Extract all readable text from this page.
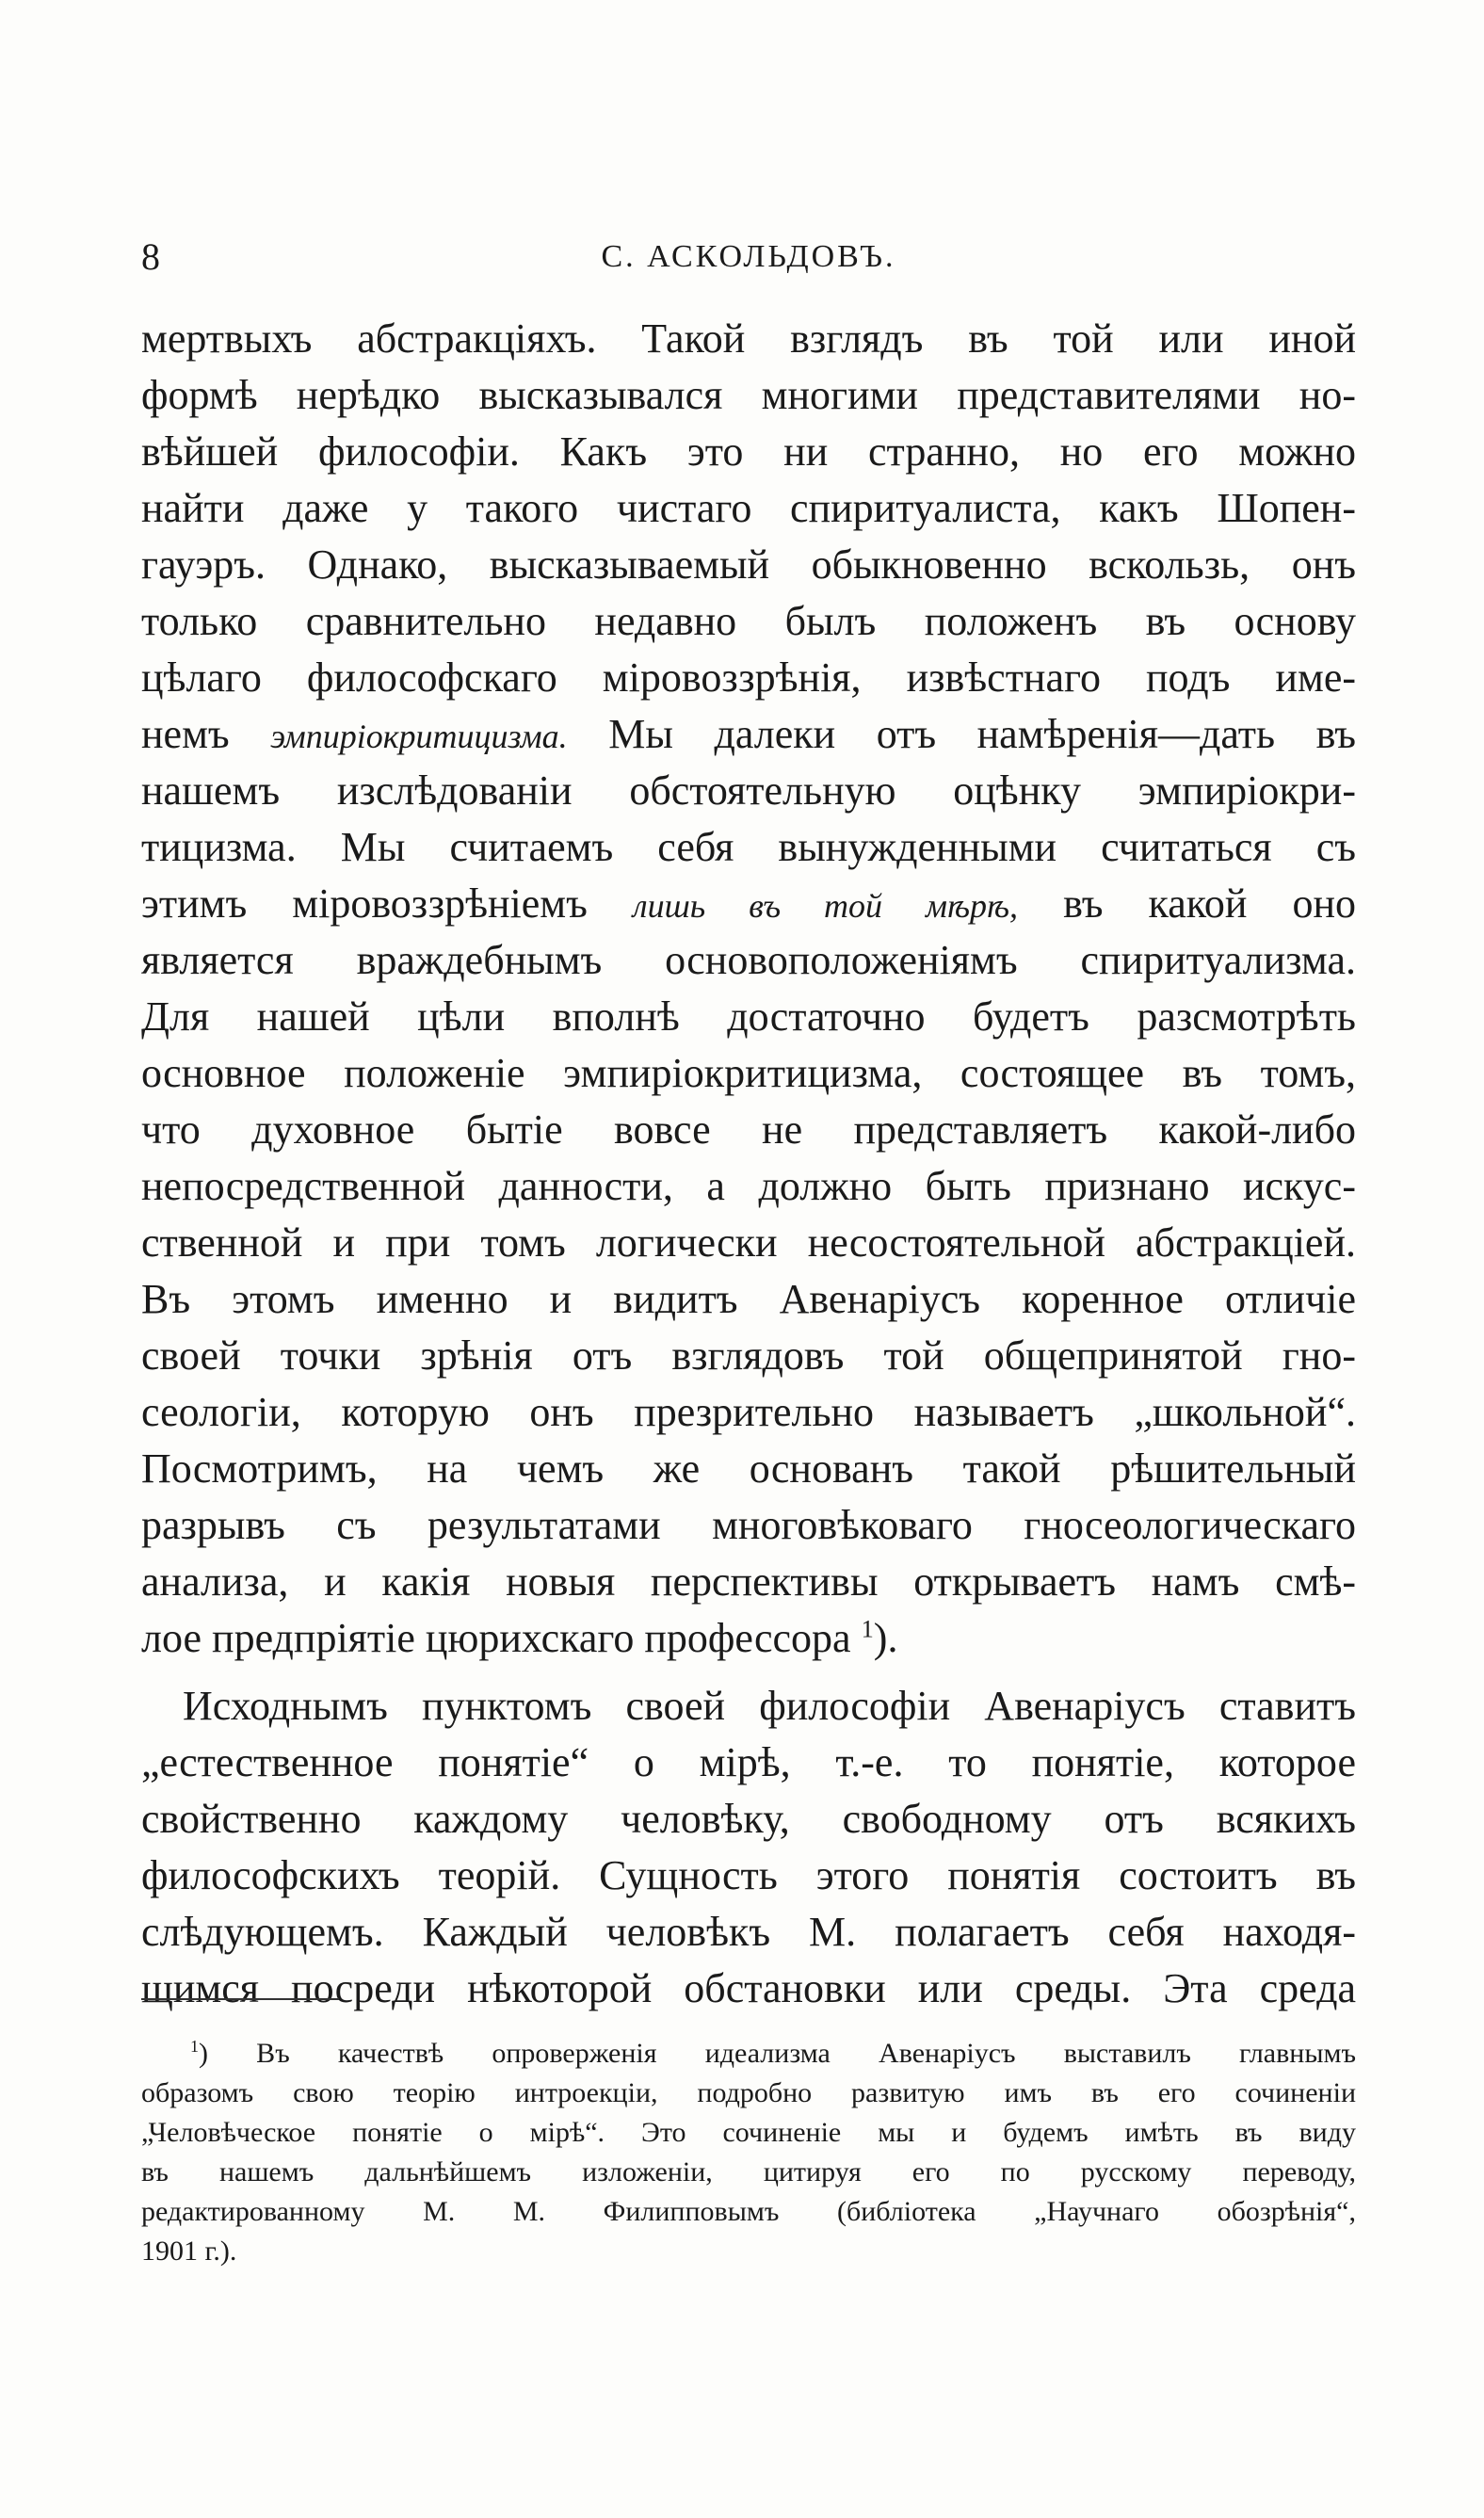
8	С. АСКОЛЬДОВЪ.
мертвыхъ абстракціяхъ. Такой взглядъ въ той или иной
формѣ нерѣдко высказывался многими представителями но-
вѣйшей философіи. Какъ это ни странно, но его можно
найти даже у такого чистаго спиритуалиста, какъ Шопен-
гауэръ. Однако, высказываемый обыкновенно вскользь, онъ
только сравнительно недавно былъ положенъ въ основу
цѣлаго философскаго міровоззрѣнія, извѣстнаго подъ име-
немъ эмпиріокритицизма. Мы далеки отъ намѣренія—дать въ
нашемъ изслѣдованіи обстоятельную оцѣнку эмпиріокри-
тицизма. Мы считаемъ себя вынужденными считаться съ
этимъ міровоззрѣніемъ лишь въ той мѣрѣ, въ какой оно
является враждебнымъ основоположеніямъ спиритуализма.
Для нашей цѣли вполнѣ достаточно будетъ разсмотрѣть
основное положеніе эмпиріокритицизма, состоящее въ томъ,
что духовное бытіе вовсе не представляетъ какой-либо
непосредственной данности, а должно быть признано искус-
ственной и при томъ логически несостоятельной абстракціей.
Въ этомъ именно и видитъ Авенаріусъ коренное отличіе
своей точки зрѣнія отъ взглядовъ той общепринятой гно-
сеологіи, которую онъ презрительно называетъ „школьной“.
Посмотримъ, на чемъ же основанъ такой рѣшительный
разрывъ съ результатами многовѣковаго гносеологическаго
анализа, и какія новыя перспективы открываетъ намъ смѣ-
лое предпріятіе цюрихскаго профессора $^1$).
Исходнымъ пунктомъ своей философіи Авенаріусъ ставитъ
„естественное понятіе“ о мірѣ, т.-е. то понятіе, которое
свойственно каждому человѣку, свободному отъ всякихъ
философскихъ теорій. Сущность этого понятія состоитъ въ
слѣдующемъ. Каждый человѣкъ М. полагаетъ себя находя-
щимся посреди нѣкоторой обстановки или среды. Эта среда
$^1$) Въ качествѣ опроверженія идеализма Авенаріусъ выставилъ главнымъ
образомъ свою теорію интроекціи, подробно развитую имъ въ его сочиненіи
„Человѣческое понятіе о мірѣ“. Это сочиненіе мы и будемъ имѣть въ виду
въ нашемъ дальнѣйшемъ изложеніи, цитируя его по русскому переводу,
редактированному М. М. Филипповымъ (библіотека „Научнаго обозрѣнія“,
1901 г.).
